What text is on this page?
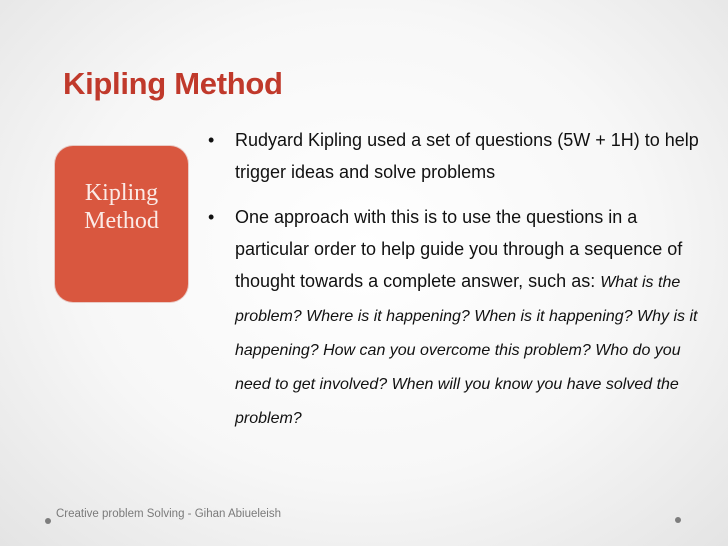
Kipling Method
Kipling
Method
• Rudyard Kipling used a set of questions (5W + 1H) to help trigger ideas and solve problems
• One approach with this is to use the questions in a particular order to help guide you through a sequence of thought towards a complete answer, such as: What is the problem? Where is it happening? When is it happening? Why is it happening? How can you overcome this problem? Who do you need to get involved? When will you know you have solved the problem?
Creative problem Solving - Gihan Abiueleish
